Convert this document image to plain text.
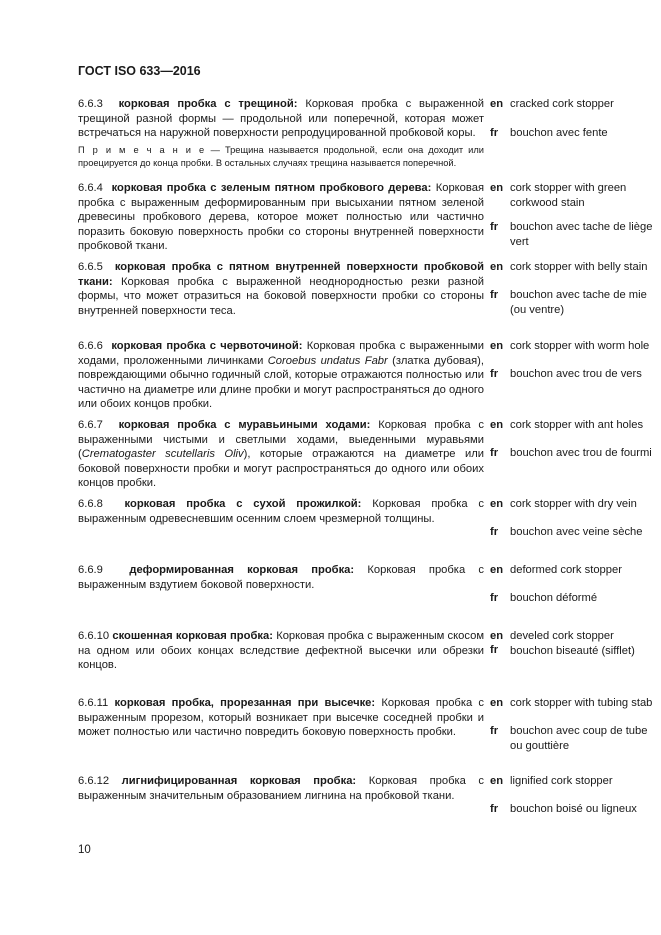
ГОСТ ISO 633—2016
6.6.3 корковая пробка с трещиной: Корковая пробка с выраженной трещиной разной формы — продольной или поперечной, которая может встречаться на наружной поверхности репродуцированной пробковой коры.
П р и м е ч а н и е — Трещина называется продольной, если она доходит или проецируется до конца пробки. В остальных случаях трещина называется поперечной.
en cracked cork stopper
fr bouchon avec fente
6.6.4 корковая пробка с зеленым пятном пробкового дерева: Корковая пробка с выраженным деформированным при высыхании пятном зеленой древесины пробкового дерева, которое может полностью или частично поразить боковую поверхность пробки со стороны внутренней поверхности пробковой ткани.
en cork stopper with green corkwood stain
fr bouchon avec tache de liège vert
6.6.5 корковая пробка с пятном внутренней поверхности пробковой ткани: Корковая пробка с выраженной неоднородностью резки разной формы, что может отразиться на боковой поверхности пробки со стороны внутренней поверхности теса.
en cork stopper with belly stain
fr bouchon avec tache de mie (ou ventre)
6.6.6 корковая пробка с червоточиной: Корковая пробка с выраженными ходами, проложенными личинками Coroebus undatus Fabr (златка дубовая), повреждающими обычно годичный слой, которые отражаются полностью или частично на диаметре или длине пробки и могут распространяться до одного или обоих концов пробки.
en cork stopper with worm hole
fr bouchon avec trou de vers
6.6.7 корковая пробка с муравьиными ходами: Корковая пробка с выраженными чистыми и светлыми ходами, выеденными муравьями (Crematogaster scutellaris Oliv), которые отражаются на диаметре или боковой поверхности пробки и могут распространяться до одного или обоих концов пробки.
en cork stopper with ant holes
fr bouchon avec trou de fourmi
6.6.8 корковая пробка с сухой прожилкой: Корковая пробка с выраженным одревесневшим осенним слоем чрезмерной толщины.
en cork stopper with dry vein
fr bouchon avec veine sèche
6.6.9 деформированная корковая пробка: Корковая пробка с выраженным вздутием боковой поверхности.
en deformed cork stopper
fr bouchon déformé
6.6.10 скошенная корковая пробка: Корковая пробка с выраженным скосом на одном или обоих концах вследствие дефектной высечки или обрезки концов.
en
fr
develed cork stopper bouchon biseauté (sifflet)
6.6.11 корковая пробка, прорезанная при высечке: Корковая пробка с выраженным прорезом, который возникает при высечке соседней пробки и может полностью или частично повредить боковую поверхность пробки.
en cork stopper with tubing stab
fr bouchon avec coup de tube ou gouttière
6.6.12 лигнифицированная корковая пробка: Корковая пробка с выраженным значительным образованием лигнина на пробковой ткани.
en lignified cork stopper
fr bouchon boisé ou ligneux
10
